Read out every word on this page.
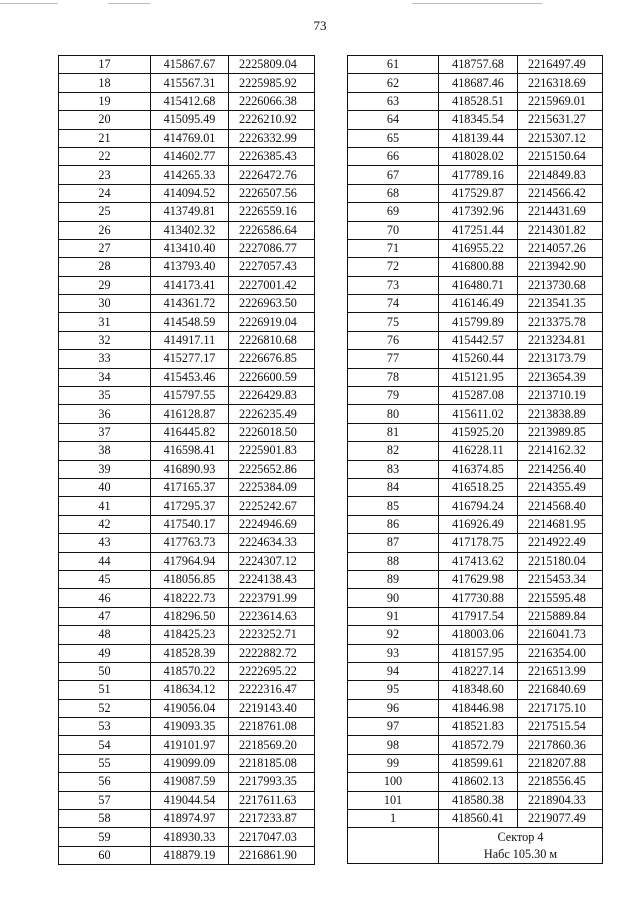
73
17	415867.67	2225809.04
18	415567.31	2225985.92
19	415412.68	2226066.38
20	415095.49	2226210.92
21	414769.01	2226332.99
22	414602.77	2226385.43
23	414265.33	2226472.76
24	414094.52	2226507.56
25	413749.81	2226559.16
26	413402.32	2226586.64
27	413410.40	2227086.77
28	413793.40	2227057.43
29	414173.41	2227001.42
30	414361.72	2226963.50
31	414548.59	2226919.04
32	414917.11	2226810.68
33	415277.17	2226676.85
34	415453.46	2226600.59
35	415797.55	2226429.83
36	416128.87	2226235.49
37	416445.82	2226018.50
38	416598.41	2225901.83
39	416890.93	2225652.86
40	417165.37	2225384.09
41	417295.37	2225242.67
42	417540.17	2224946.69
43	417763.73	2224634.33
44	417964.94	2224307.12
45	418056.85	2224138.43
46	418222.73	2223791.99
47	418296.50	2223614.63
48	418425.23	2223252.71
49	418528.39	2222882.72
50	418570.22	2222695.22
51	418634.12	2222316.47
52	419056.04	2219143.40
53	419093.35	2218761.08
54	419101.97	2218569.20
55	419099.09	2218185.08
56	419087.59	2217993.35
57	419044.54	2217611.63
58	418974.97	2217233.87
59	418930.33	2217047.03
60	418879.19	2216861.90
61	418757.68	2216497.49
62	418687.46	2216318.69
63	418528.51	2215969.01
64	418345.54	2215631.27
65	418139.44	2215307.12
66	418028.02	2215150.64
67	417789.16	2214849.83
68	417529.87	2214566.42
69	417392.96	2214431.69
70	417251.44	2214301.82
71	416955.22	2214057.26
72	416800.88	2213942.90
73	416480.71	2213730.68
74	416146.49	2213541.35
75	415799.89	2213375.78
76	415442.57	2213234.81
77	415260.44	2213173.79
78	415121.95	2213654.39
79	415287.08	2213710.19
80	415611.02	2213838.89
81	415925.20	2213989.85
82	416228.11	2214162.32
83	416374.85	2214256.40
84	416518.25	2214355.49
85	416794.24	2214568.40
86	416926.49	2214681.95
87	417178.75	2214922.49
88	417413.62	2215180.04
89	417629.98	2215453.34
90	417730.88	2215595.48
91	417917.54	2215889.84
92	418003.06	2216041.73
93	418157.95	2216354.00
94	418227.14	2216513.99
95	418348.60	2216840.69
96	418446.98	2217175.10
97	418521.83	2217515.54
98	418572.79	2217860.36
99	418599.61	2218207.88
100	418602.13	2218556.45
101	418580.38	2218904.33
1	418560.41	2219077.49
	Сектор 4	
	Набс 105.30 м	
